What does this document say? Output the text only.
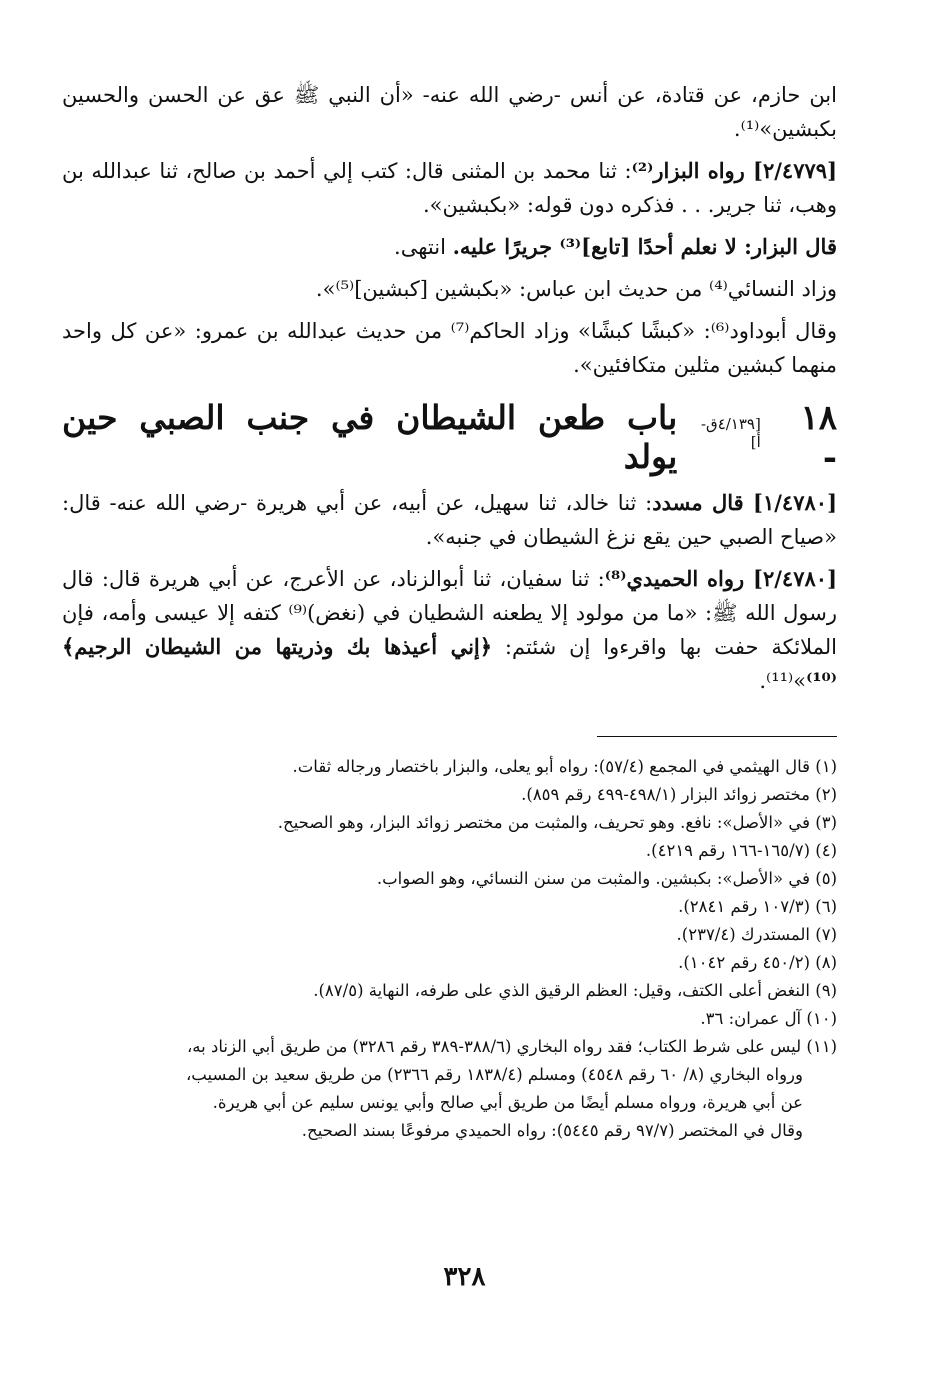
ابن حازم، عن قتادة، عن أنس -رضي الله عنه- «أن النبي ﷺ عق عن الحسن والحسين بكبشين»⁽¹⁾.

[٢/٤٧٧٩] رواه البزار⁽²⁾: ثنا محمد بن المثنى قال: كتب إلي أحمد بن صالح، ثنا عبدالله بن وهب، ثنا جرير. . . فذكره دون قوله: «بكبشين».

قال البزار: لا نعلم أحدًا [تابع]⁽³⁾ جريرًا عليه. انتهى.

وزاد النسائي⁽⁴⁾ من حديث ابن عباس: «بكبشين [كبشين]⁽⁵⁾».

وقال أبوداود⁽⁶⁾: «كبشًا كبشًا» وزاد الحاكم⁽⁷⁾ من حديث عبدالله بن عمرو: «عن كل واحد منهما كبشين مثلين متكافئين».

١٨ -
[٤/١٣٩ق-أ]
باب طعن الشيطان في جنب الصبي حين يولد

[١/٤٧٨٠] قال مسدد: ثنا خالد، ثنا سهيل، عن أبيه، عن أبي هريرة -رضي الله عنه- قال: «صياح الصبي حين يقع نزغ الشيطان في جنبه».

[٢/٤٧٨٠] رواه الحميدي⁽⁸⁾: ثنا سفيان، ثنا أبوالزناد، عن الأعرج، عن أبي هريرة قال: قال رسول الله ﷺ: «ما من مولود إلا يطعنه الشطيان في (نغض)⁽⁹⁾ كتفه إلا عيسى وأمه، فإن الملائكة حفت بها واقرءوا إن شئتم: ﴿إني أعيذها بك وذريتها من الشيطان الرجيم﴾⁽¹⁰⁾»⁽¹¹⁾.

(١) قال الهيثمي في المجمع (٥٧/٤): رواه أبو يعلى، والبزار باختصار ورجاله ثقات.

(٢) مختصر زوائد البزار (٤٩٨/١-٤٩٩ رقم ٨٥٩).

(٣) في «الأصل»: نافع. وهو تحريف، والمثبت من مختصر زوائد البزار، وهو الصحيح.

(٤) (١٦٥/٧-١٦٦ رقم ٤٢١٩).

(٥) في «الأصل»: بكبشين. والمثبت من سنن النسائي، وهو الصواب.

(٦) (١٠٧/٣ رقم ٢٨٤١).

(٧) المستدرك (٢٣٧/٤).

(٨) (٤٥٠/٢ رقم ١٠٤٢).

(٩) النغض أعلى الكتف، وقيل: العظم الرقيق الذي على طرفه، النهاية (٨٧/٥).

(١٠) آل عمران: ٣٦.

(١١) ليس على شرط الكتاب؛ فقد رواه البخاري (٣٨٨/٦-٣٨٩ رقم ٣٢٨٦) من طريق أبي الزناد به،
ورواه البخاري (٨/ ٦٠ رقم ٤٥٤٨) ومسلم (١٨٣٨/٤ رقم ٢٣٦٦) من طريق سعيد بن المسيب،
عن أبي هريرة، ورواه مسلم أيضًا من طريق أبي صالح وأبي يونس سليم عن أبي هريرة.
وقال في المختصر (٩٧/٧ رقم ٥٤٤٥): رواه الحميدي مرفوعًا بسند الصحيح.

٣٢٨
